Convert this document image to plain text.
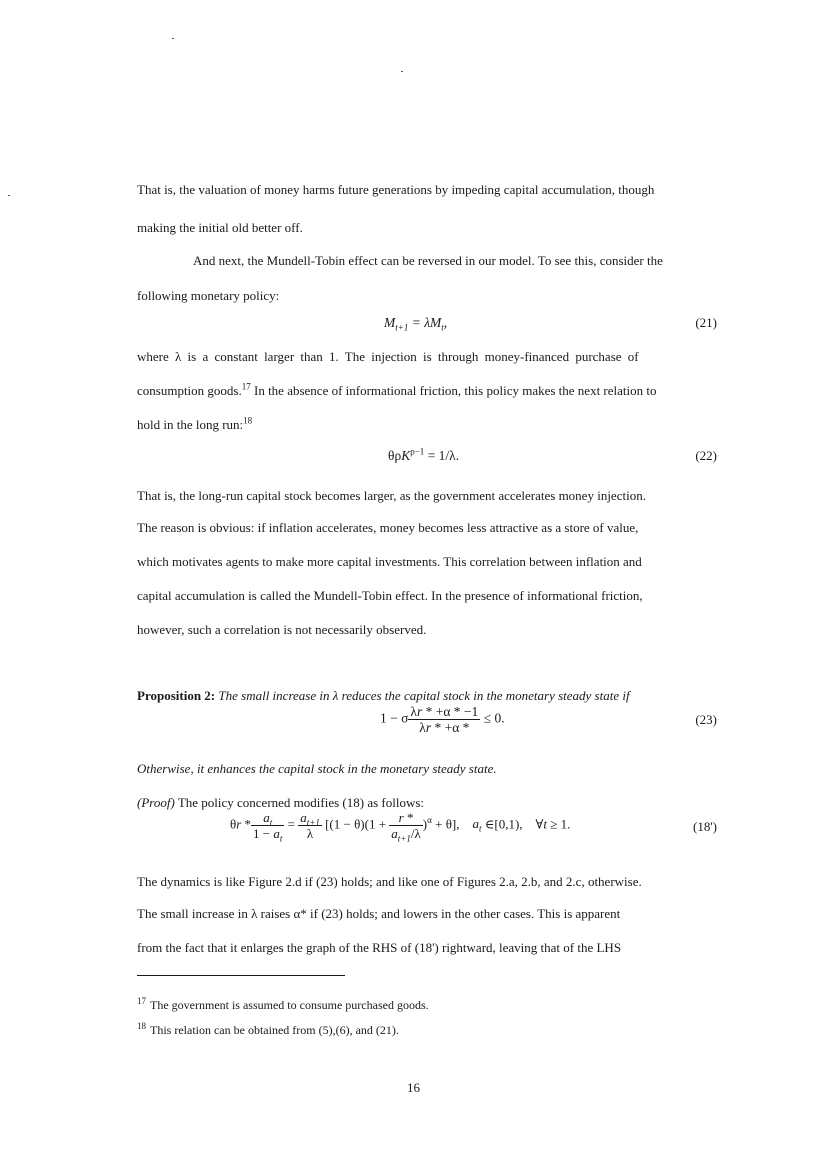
That is, the valuation of money harms future generations by impeding capital accumulation, though
making the initial old better off.
And next, the Mundell-Tobin effect can be reversed in our model. To see this, consider the
following monetary policy:
$M_{t+1} = \lambda M_t$,	(21)
where λ is a constant larger than 1. The injection is through money-financed purchase of
consumption goods.$^{17}$ In the absence of informational friction, this policy makes the next relation to
hold in the long run:$^{18}$
θρK$^{\rho-1}$ = 1/λ.	(22)
That is, the long-run capital stock becomes larger, as the government accelerates money injection.
The reason is obvious: if inflation accelerates, money becomes less attractive as a store of value,
which motivates agents to make more capital investments. This correlation between inflation and
capital accumulation is called the Mundell-Tobin effect. In the presence of informational friction,
however, such a correlation is not necessarily observed.
Proposition 2: The small increase in λ reduces the capital stock in the monetary steady state if
1 − σ $\frac{\lambda r * +\alpha * -1}{\lambda r * +\alpha *} \le 0$.	(23)
Otherwise, it enhances the capital stock in the monetary steady state.
(Proof) The policy concerned modifies (18) as follows:
$\theta r * \frac{a_t}{1 - a_t} = \frac{a_{t+1}}{\lambda} [(1 - \theta)(1 + \frac{r *}{a_{t+1}/\lambda} )^\alpha + \theta]$,    $a_t$ ∈[0,1),    ∀t ≥ 1.	(18')
The dynamics is like Figure 2.d if (23) holds; and like one of Figures 2.a, 2.b, and 2.c, otherwise.
The small increase in λ raises α* if (23) holds; and lowers in the other cases. This is apparent
from the fact that it enlarges the graph of the RHS of (18') rightward, leaving that of the LHS
$^{17}$ The government is assumed to consume purchased goods.
$^{18}$ This relation can be obtained from (5),(6), and (21).
16
